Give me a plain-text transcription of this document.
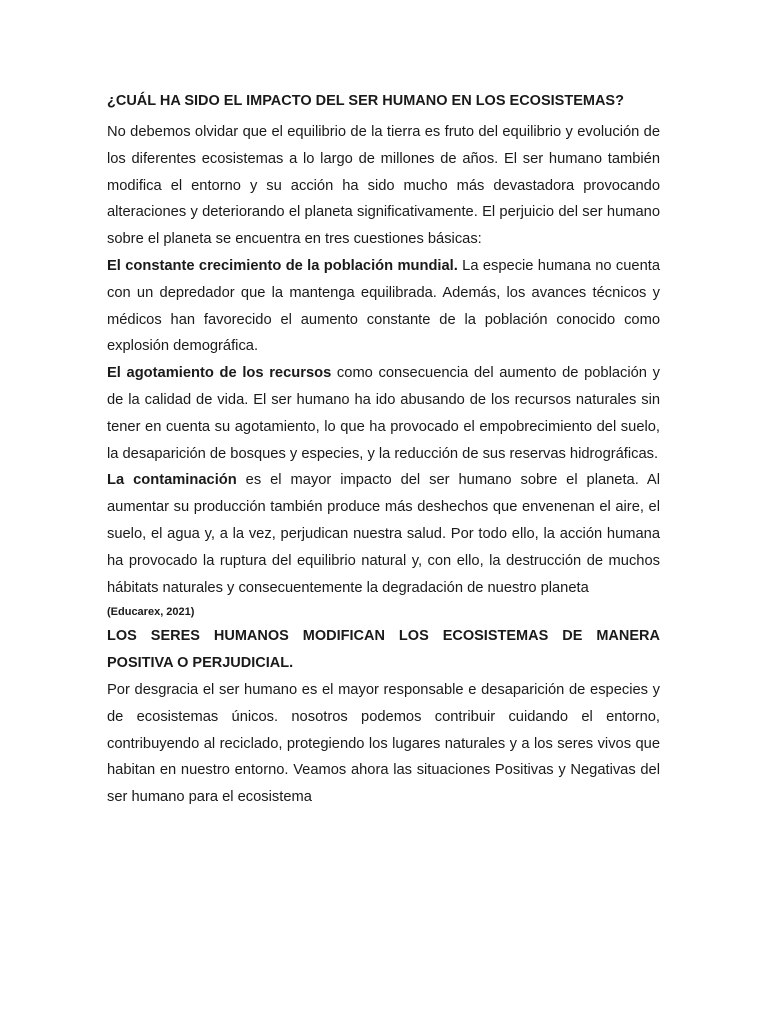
¿CUÁL HA SIDO EL IMPACTO DEL SER HUMANO EN LOS ECOSISTEMAS?

No debemos olvidar que el equilibrio de la tierra es fruto del equilibrio y evolución de los diferentes ecosistemas a lo largo de millones de años. El ser humano también modifica el entorno y su acción ha sido mucho más devastadora provocando alteraciones y deteriorando el planeta significativamente. El perjuicio del ser humano sobre el planeta se encuentra en tres cuestiones básicas:

El constante crecimiento de la población mundial. La especie humana no cuenta con un depredador que la mantenga equilibrada. Además, los avances técnicos y médicos han favorecido el aumento constante de la población conocido como explosión demográfica.

El agotamiento de los recursos como consecuencia del aumento de población y de la calidad de vida. El ser humano ha ido abusando de los recursos naturales sin tener en cuenta su agotamiento, lo que ha provocado el empobrecimiento del suelo, la desaparición de bosques y especies, y la reducción de sus reservas hidrográficas.

La contaminación es el mayor impacto del ser humano sobre el planeta. Al aumentar su producción también produce más deshechos que envenenan el aire, el suelo, el agua y, a la vez, perjudican nuestra salud. Por todo ello, la acción humana ha provocado la ruptura del equilibrio natural y, con ello, la destrucción de muchos hábitats naturales y consecuentemente la degradación de nuestro planeta

(Educarex, 2021)

LOS SERES HUMANOS MODIFICAN LOS ECOSISTEMAS DE MANERA POSITIVA O PERJUDICIAL.

Por desgracia el ser humano es el mayor responsable e desaparición de especies y de ecosistemas únicos. nosotros podemos contribuir cuidando el entorno, contribuyendo al reciclado, protegiendo los lugares naturales y a los seres vivos que habitan en nuestro entorno. Veamos ahora las situaciones Positivas y Negativas del ser humano para el ecosistema
